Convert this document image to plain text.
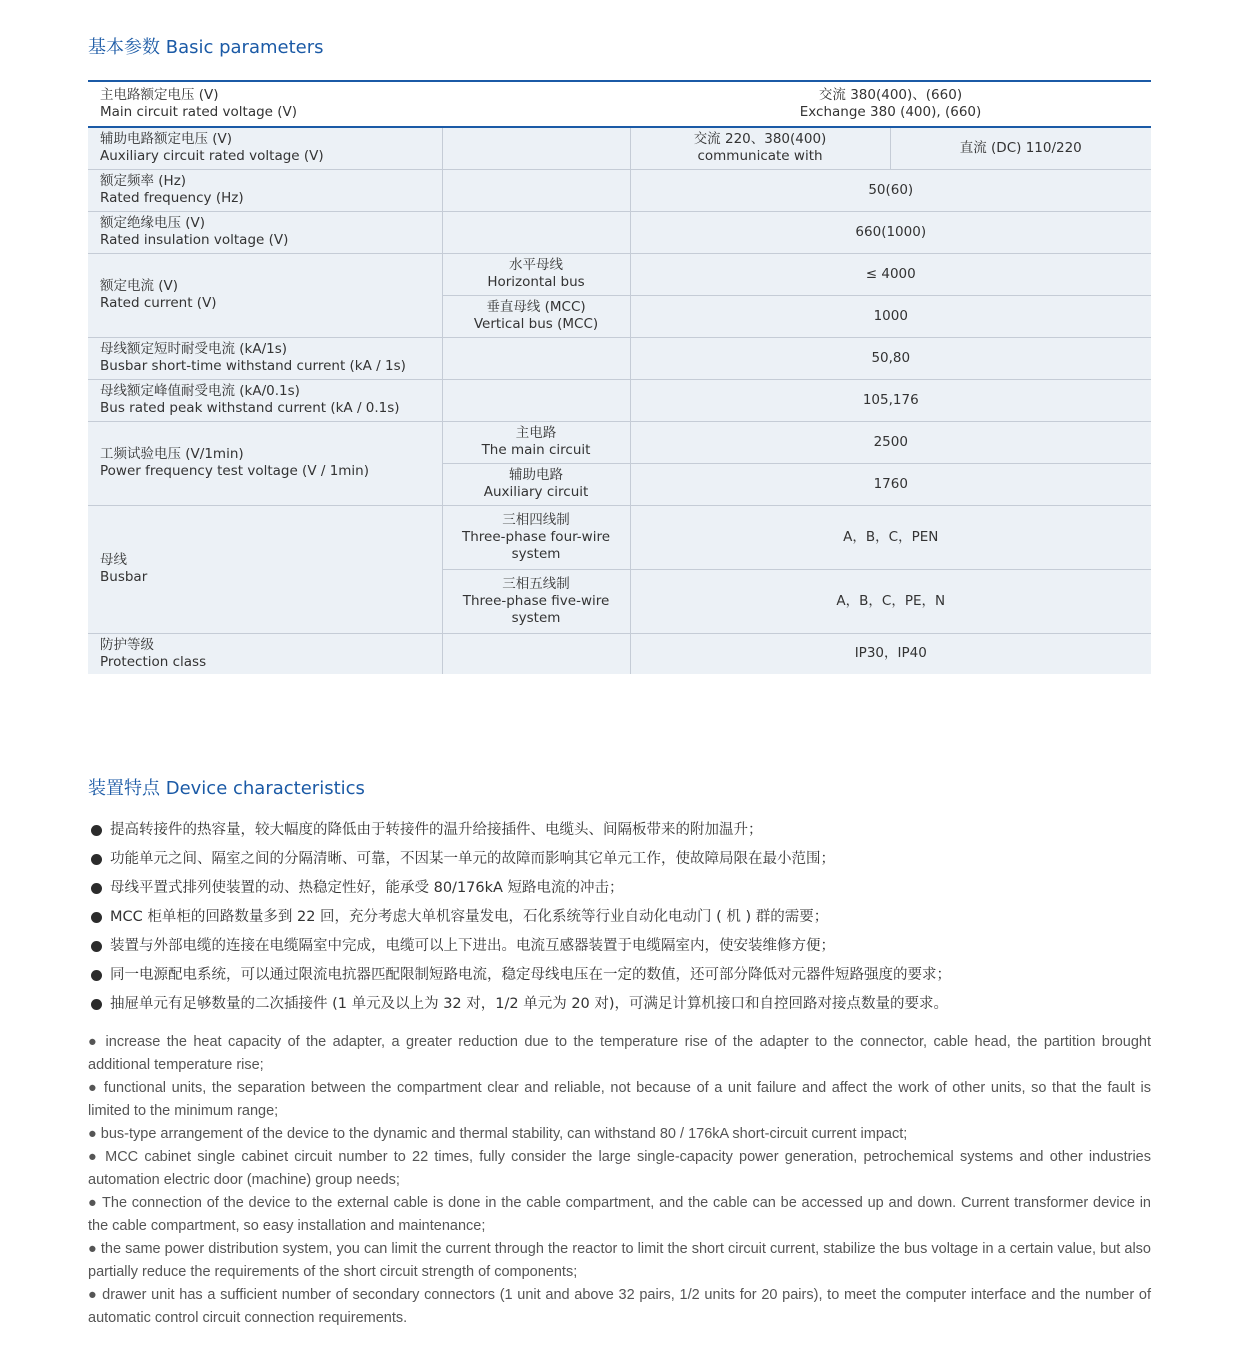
基本参数 Basic parameters
主电路额定电压 (V)
Main circuit rated voltage (V)		交流 380(400)、(660)
Exchange 380 (400), (660)	

辅助电路额定电压 (V)
Auxiliary circuit rated voltage (V)		交流 220、380(400)
communicate with	直流 (DC) 110/220

额定频率 (Hz)
Rated frequency (Hz)		50(60)	

额定绝缘电压 (V)
Rated insulation voltage (V)		660(1000)	

额定电流 (V)
Rated current (V)	水平母线
Horizontal bus	≤ 4000	

	垂直母线 (MCC)
Vertical bus (MCC)	1000	

母线额定短时耐受电流 (kA/1s)
Busbar short-time withstand current (kA / 1s)		50,80	

母线额定峰值耐受电流 (kA/0.1s)
Bus rated peak withstand current (kA / 0.1s)		105,176	

工频试验电压 (V/1min)
Power frequency test voltage (V / 1min)	主电路
The main circuit	2500	

	辅助电路
Auxiliary circuit	1760	

母线
Busbar	三相四线制
Three-phase four-wire
system	A，B，C，PEN	

	三相五线制
Three-phase five-wire
system	A，B，C，PE，N	

防护等级
Protection class		IP30，IP40	
装置特点 Device characteristics
提高转接件的热容量，较大幅度的降低由于转接件的温升给接插件、电缆头、间隔板带来的附加温升；
功能单元之间、隔室之间的分隔清晰、可靠，不因某一单元的故障而影响其它单元工作，使故障局限在最小范围；
母线平置式排列使装置的动、热稳定性好，能承受 80/176kA 短路电流的冲击；
MCC 柜单柜的回路数量多到 22 回，充分考虑大单机容量发电，石化系统等行业自动化电动门 ( 机 ) 群的需要；
装置与外部电缆的连接在电缆隔室中完成，电缆可以上下进出。电流互感器装置于电缆隔室内，使安装维修方便；
同一电源配电系统，可以通过限流电抗器匹配限制短路电流，稳定母线电压在一定的数值，还可部分降低对元器件短路强度的要求；
抽屉单元有足够数量的二次插接件 (1 单元及以上为 32 对，1/2 单元为 20 对)，可满足计算机接口和自控回路对接点数量的要求。

● increase the heat capacity of the adapter, a greater reduction due to the temperature rise of the adapter to the connector, cable head, the partition brought additional temperature rise;

● functional units, the separation between the compartment clear and reliable, not because of a unit failure and affect the work of other units, so that the fault is limited to the minimum range;

● bus-type arrangement of the device to the dynamic and thermal stability, can withstand 80 / 176kA short-circuit current impact;

● MCC cabinet single cabinet circuit number to 22 times, fully consider the large single-capacity power generation, petrochemical systems and other industries automation electric door (machine) group needs;

● The connection of the device to the external cable is done in the cable compartment, and the cable can be accessed up and down. Current transformer device in the cable compartment, so easy installation and maintenance;

● the same power distribution system, you can limit the current through the reactor to limit the short circuit current, stabilize the bus voltage in a certain value, but also partially reduce the requirements of the short circuit strength of components;

● drawer unit has a sufficient number of secondary connectors (1 unit and above 32 pairs, 1/2 units for 20 pairs), to meet the computer interface and the number of automatic control circuit connection requirements.
